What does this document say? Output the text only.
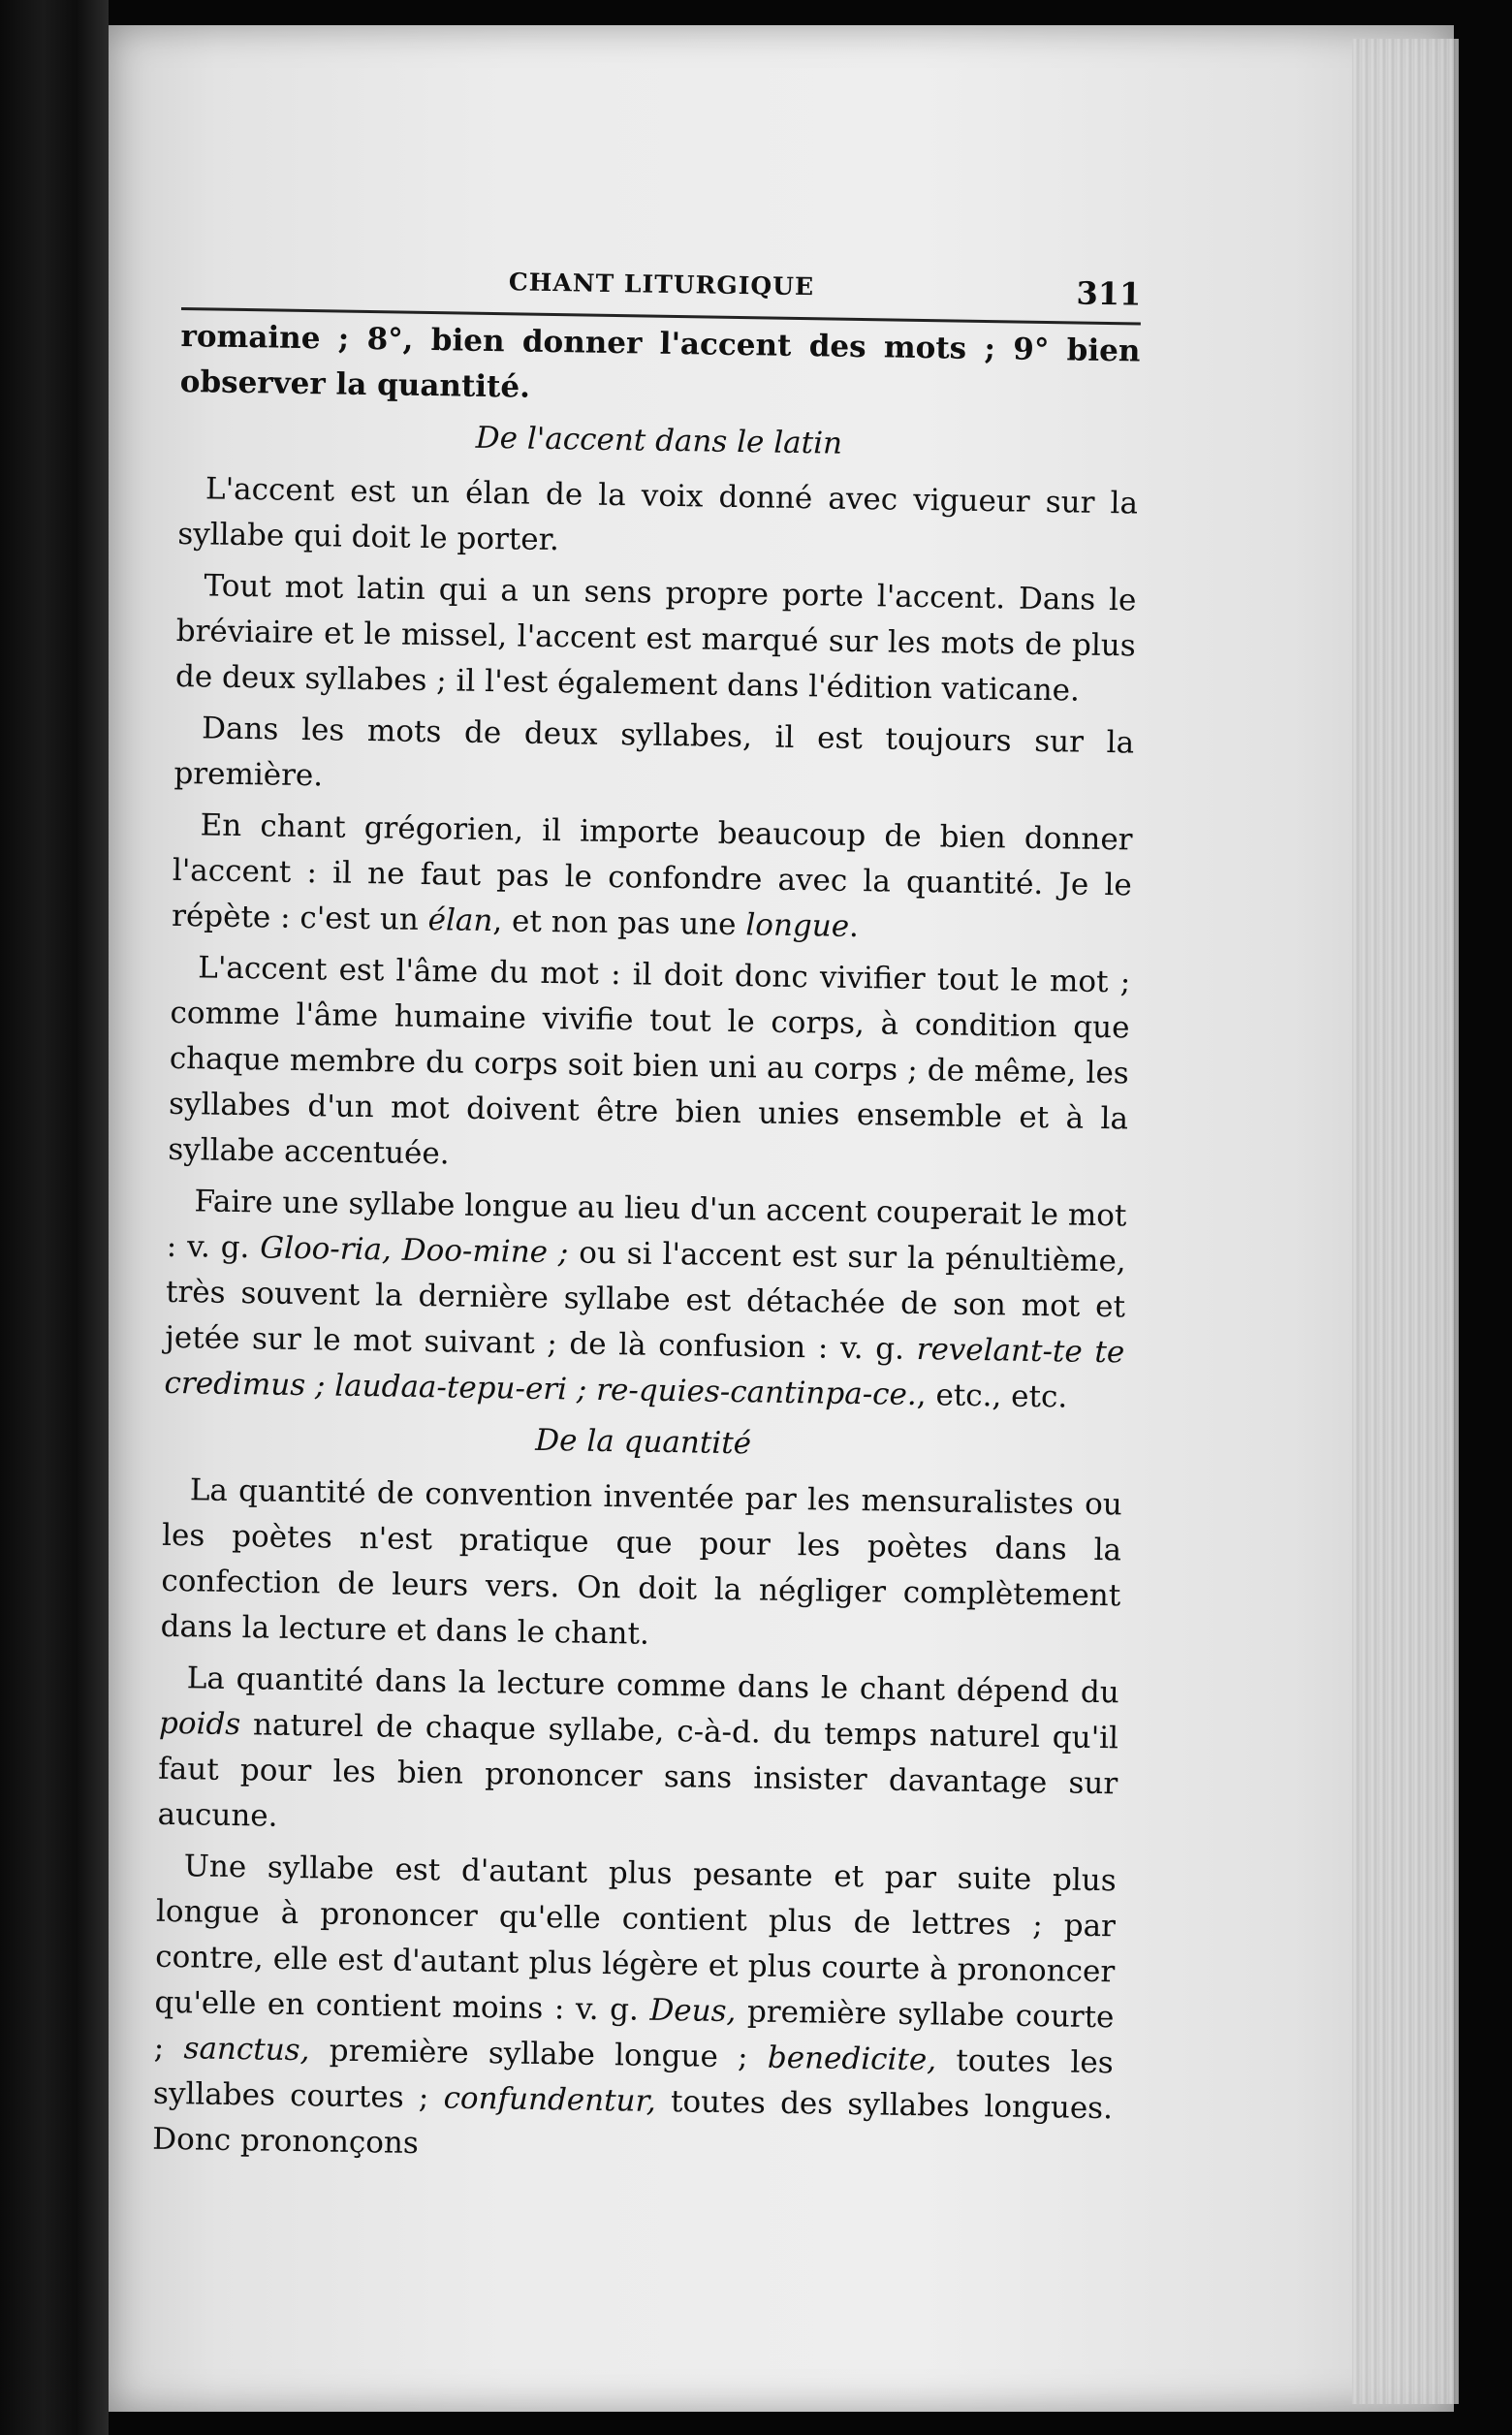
CHANT LITURGIQUE	311

romaine ; 8°, bien donner l'accent des mots ; 9° bien observer la quantité.

De l'accent dans le latin

L'accent est un élan de la voix donné avec vigueur sur la syllabe qui doit le porter.

Tout mot latin qui a un sens propre porte l'accent. Dans le bréviaire et le missel, l'accent est marqué sur les mots de plus de deux syllabes ; il l'est également dans l'édition vaticane.

Dans les mots de deux syllabes, il est toujours sur la première.

En chant grégorien, il importe beaucoup de bien donner l'accent : il ne faut pas le confondre avec la quantité. Je le répète : c'est un élan, et non pas une longue.

L'accent est l'âme du mot : il doit donc vivifier tout le mot ; comme l'âme humaine vivifie tout le corps, à condition que chaque membre du corps soit bien uni au corps ; de même, les syllabes d'un mot doivent être bien unies ensemble et à la syllabe accentuée.

Faire une syllabe longue au lieu d'un accent couperait le mot : v. g. Gloo-ria, Doo-mine ; ou si l'accent est sur la pénultième, très souvent la dernière syllabe est détachée de son mot et jetée sur le mot suivant ; de là confusion : v. g. revelant-te te credimus ; laudaa-tepu-eri ; re-quies-cantinpa-ce., etc., etc.

De la quantité

La quantité de convention inventée par les mensuralistes ou les poètes n'est pratique que pour les poètes dans la confection de leurs vers. On doit la négliger complètement dans la lecture et dans le chant.

La quantité dans la lecture comme dans le chant dépend du poids naturel de chaque syllabe, c-à-d. du temps naturel qu'il faut pour les bien prononcer sans insister davantage sur aucune.

Une syllabe est d'autant plus pesante et par suite plus longue à prononcer qu'elle contient plus de lettres ; par contre, elle est d'autant plus légère et plus courte à prononcer qu'elle en contient moins : v. g. Deus, première syllabe courte ; sanctus, première syllabe longue ; benedicite, toutes les syllabes courtes ; confundentur, toutes des syllabes longues. Donc prononçons
